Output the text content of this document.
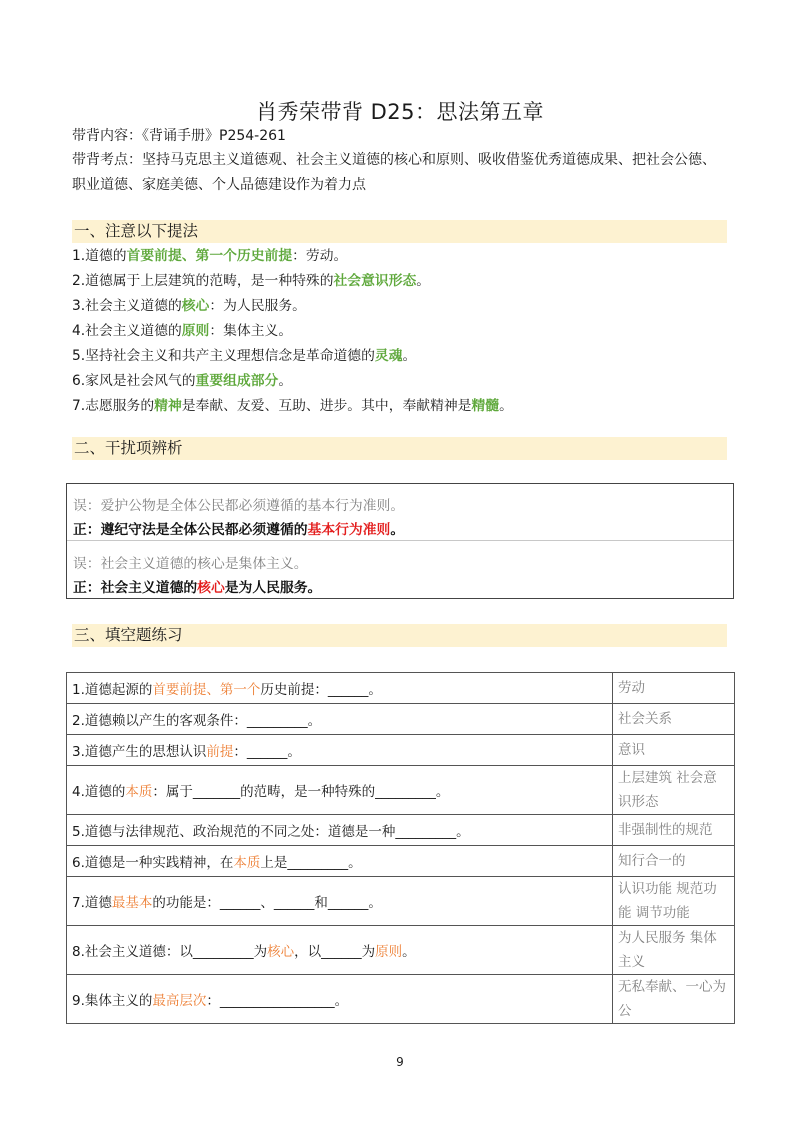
肖秀荣带背 D25：思法第五章
带背内容：《背诵手册》P254-261
带背考点：坚持马克思主义道德观、社会主义道德的核心和原则、吸收借鉴优秀道德成果、把社会公德、
职业道德、家庭美德、个人品德建设作为着力点
一、注意以下提法
1.道德的首要前提、第一个历史前提：劳动。
2.道德属于上层建筑的范畴，是一种特殊的社会意识形态。
3.社会主义道德的核心：为人民服务。
4.社会主义道德的原则：集体主义。
5.坚持社会主义和共产主义理想信念是革命道德的灵魂。
6.家风是社会风气的重要组成部分。
7.志愿服务的精神是奉献、友爱、互助、进步。其中，奉献精神是精髓。
二、干扰项辨析
误：爱护公物是全体公民都必须遵循的基本行为准则。
正：遵纪守法是全体公民都必须遵循的基本行为准则。
误：社会主义道德的核心是集体主义。
正：社会主义道德的核心是为人民服务。
三、填空题练习
1.道德起源的首要前提、第一个历史前提：______。	劳动
2.道德赖以产生的客观条件：_________。	社会关系
3.道德产生的思想认识前提：______。	意识
4.道德的本质：属于_______的范畴，是一种特殊的_________。	上层建筑 社会意识形态
5.道德与法律规范、政治规范的不同之处：道德是一种_________。	非强制性的规范
6.道德是一种实践精神，在本质上是_________。	知行合一的
7.道德最基本的功能是：______、______和______。	认识功能 规范功能 调节功能
8.社会主义道德：以_________为核心，以______为原则。	为人民服务 集体主义
9.集体主义的最高层次：_________________。	无私奉献、一心为公
9
